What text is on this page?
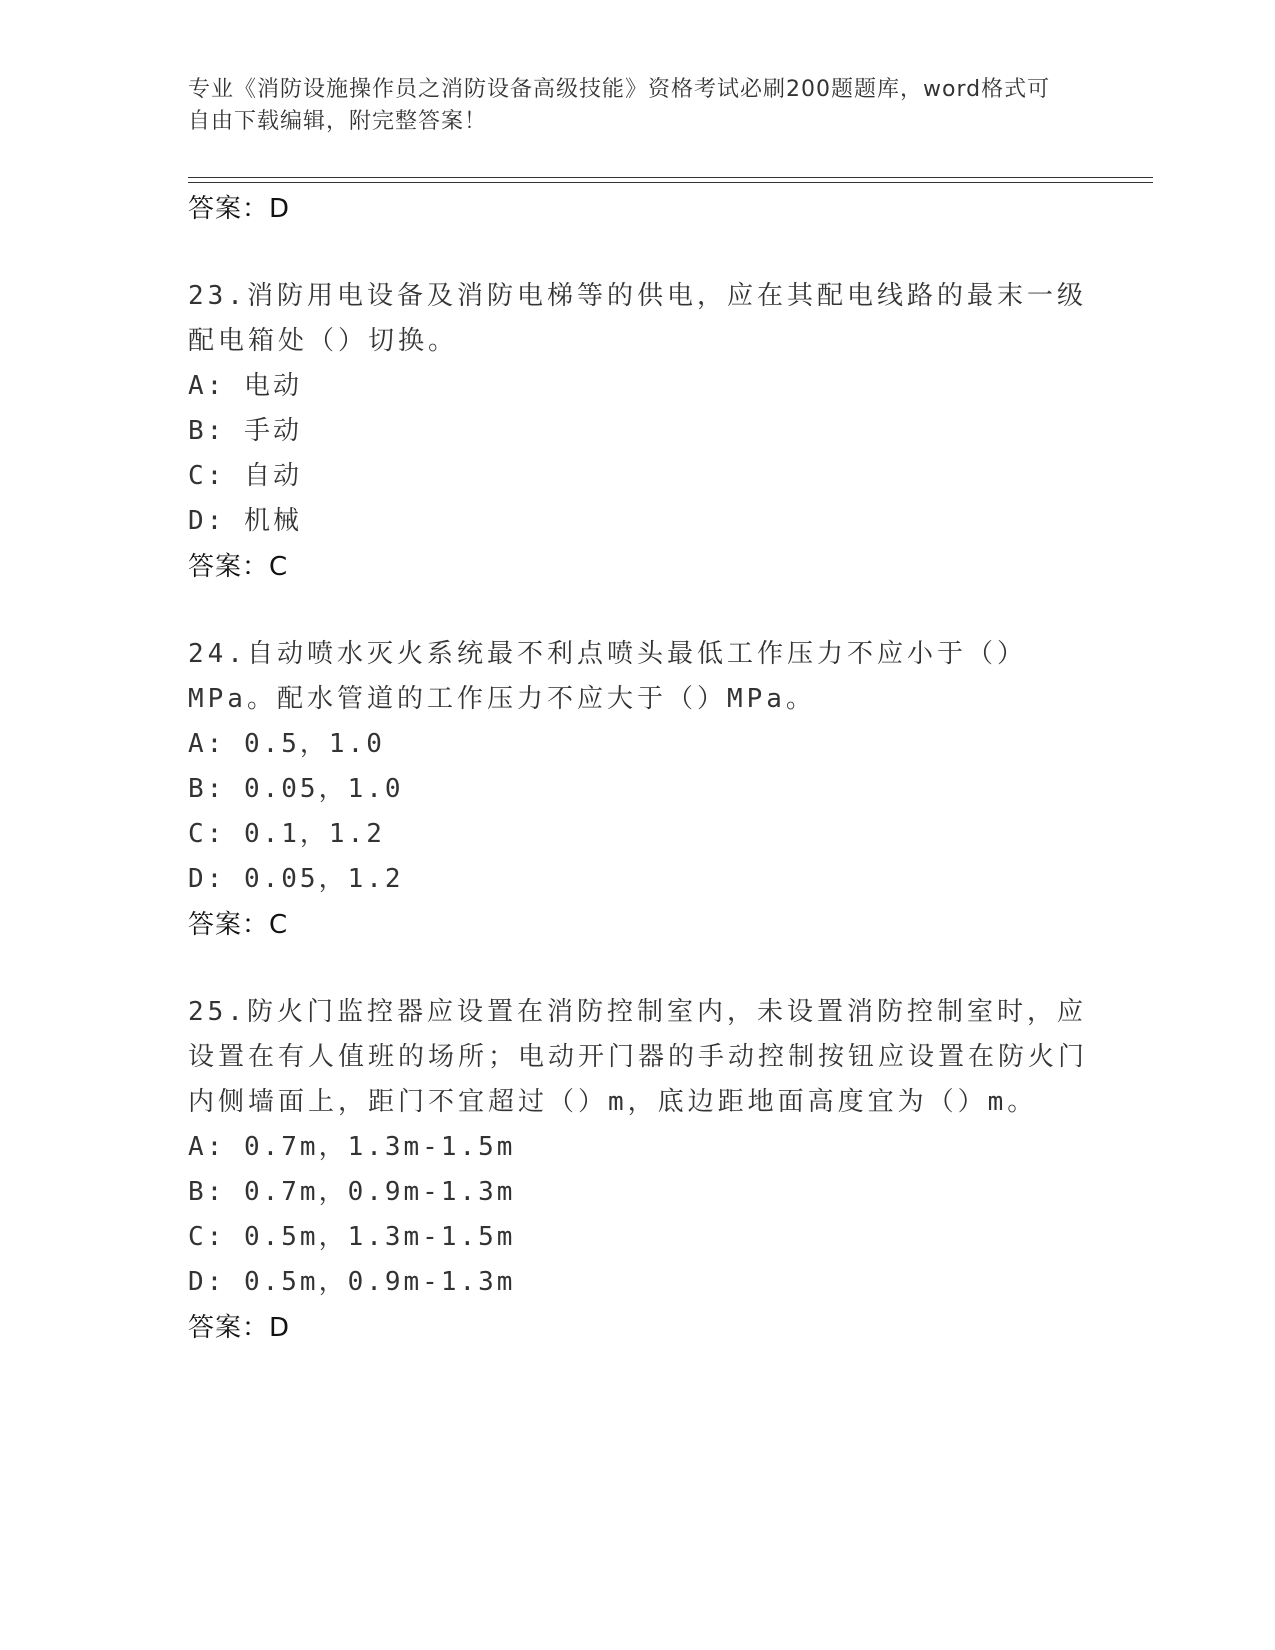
专业《消防设施操作员之消防设备高级技能》资格考试必刷200题题库，word格式可自由下载编辑，附完整答案！
答案：D
23.消防用电设备及消防电梯等的供电，应在其配电线路的最末一级配电箱处（）切换。
A: 电动
B: 手动
C: 自动
D: 机械
答案：C
24.自动喷水灭火系统最不利点喷头最低工作压力不应小于（）MPa。配水管道的工作压力不应大于（）MPa。
A: 0.5，1.0
B: 0.05，1.0
C: 0.1，1.2
D: 0.05，1.2
答案：C
25.防火门监控器应设置在消防控制室内，未设置消防控制室时，应设置在有人值班的场所；电动开门器的手动控制按钮应设置在防火门内侧墙面上，距门不宜超过（）m，底边距地面高度宜为（）m。
A: 0.7m，1.3m-1.5m
B: 0.7m，0.9m-1.3m
C: 0.5m，1.3m-1.5m
D: 0.5m，0.9m-1.3m
答案：D
